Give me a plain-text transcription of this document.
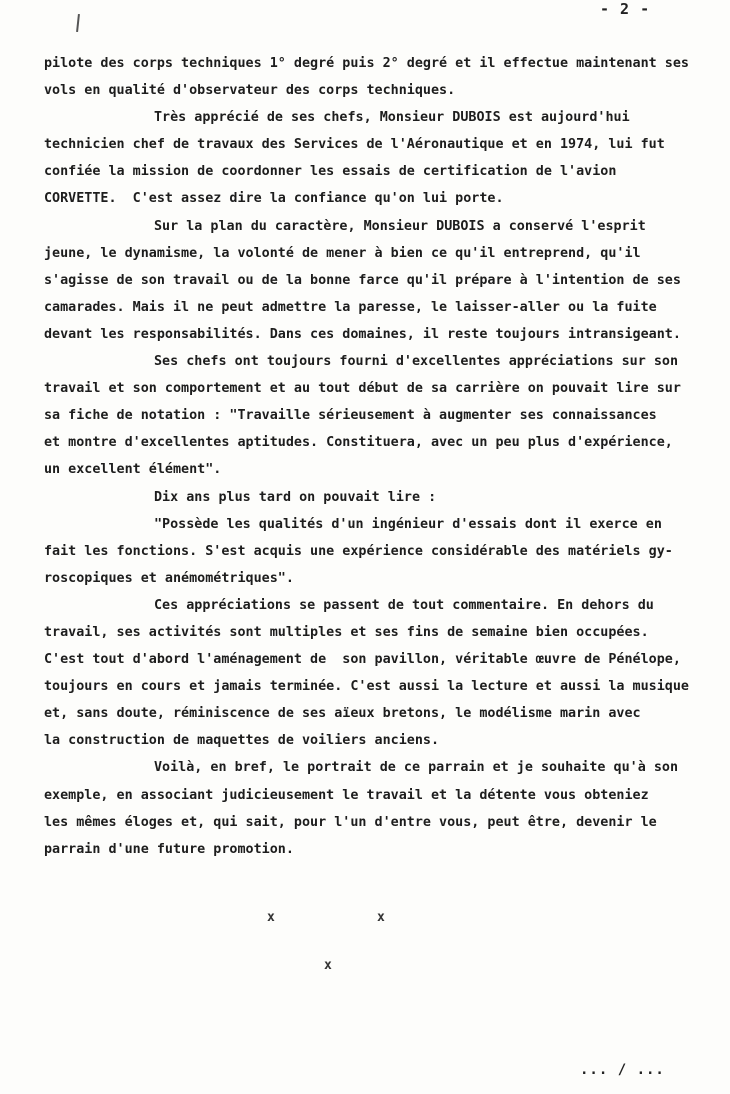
- 2 -
pilote des corps techniques 1° degré puis 2° degré et il effectue maintenant ses
vols en qualité d'observateur des corps techniques.
Très apprécié de ses chefs, Monsieur DUBOIS est aujourd'hui
technicien chef de travaux des Services de l'Aéronautique et en 1974, lui fut
confiée la mission de coordonner les essais de certification de l'avion
CORVETTE.  C'est assez dire la confiance qu'on lui porte.
Sur la plan du caractère, Monsieur DUBOIS a conservé l'esprit
jeune, le dynamisme, la volonté de mener à bien ce qu'il entreprend, qu'il
s'agisse de son travail ou de la bonne farce qu'il prépare à l'intention de ses
camarades. Mais il ne peut admettre la paresse, le laisser-aller ou la fuite
devant les responsabilités. Dans ces domaines, il reste toujours intransigeant.
Ses chefs ont toujours fourni d'excellentes appréciations sur son
travail et son comportement et au tout début de sa carrière on pouvait lire sur
sa fiche de notation : "Travaille sérieusement à augmenter ses connaissances
et montre d'excellentes aptitudes. Constituera, avec un peu plus d'expérience,
un excellent élément".
Dix ans plus tard on pouvait lire :
"Possède les qualités d'un ingénieur d'essais dont il exerce en
fait les fonctions. S'est acquis une expérience considérable des matériels gy-
roscopiques et anémométriques".
Ces appréciations se passent de tout commentaire. En dehors du
travail, ses activités sont multiples et ses fins de semaine bien occupées.
C'est tout d'abord l'aménagement de  son pavillon, véritable œuvre de Pénélope,
toujours en cours et jamais terminée. C'est aussi la lecture et aussi la musique
et, sans doute, réminiscence de ses aïeux bretons, le modélisme marin avec
la construction de maquettes de voiliers anciens.
Voilà, en bref, le portrait de ce parrain et je souhaite qu'à son
exemple, en associant judicieusement le travail et la détente vous obteniez
les mêmes éloges et, qui sait, pour l'un d'entre vous, peut être, devenir le
parrain d'une future promotion.
x	x
x
... / ...
